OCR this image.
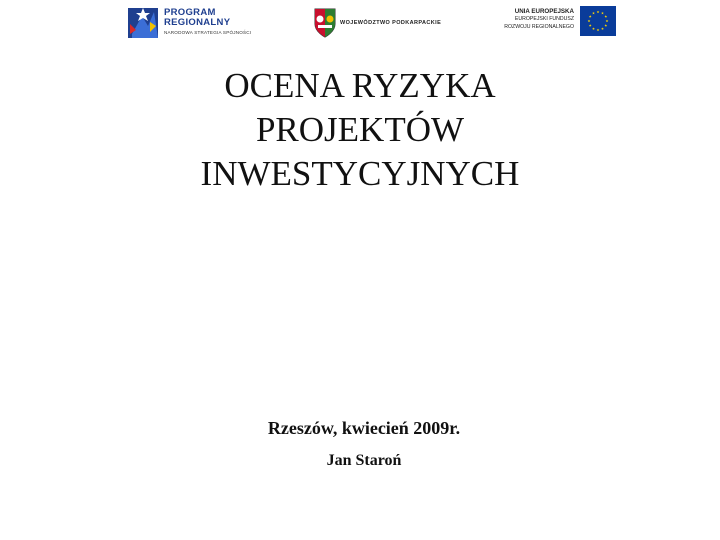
PROGRAM
REGIONALNY
NARODOWA STRATEGIA SPÓJNOŚCI
WOJEWÓDZTWO PODKARPACKIE
UNIA EUROPEJSKA
EUROPEJSKI FUNDUSZ
ROZWOJU REGIONALNEGO
OCENA RYZYKA
PROJEKTÓW
INWESTYCYJNYCH
Rzeszów, kwiecień 2009r.
Jan Staroń
